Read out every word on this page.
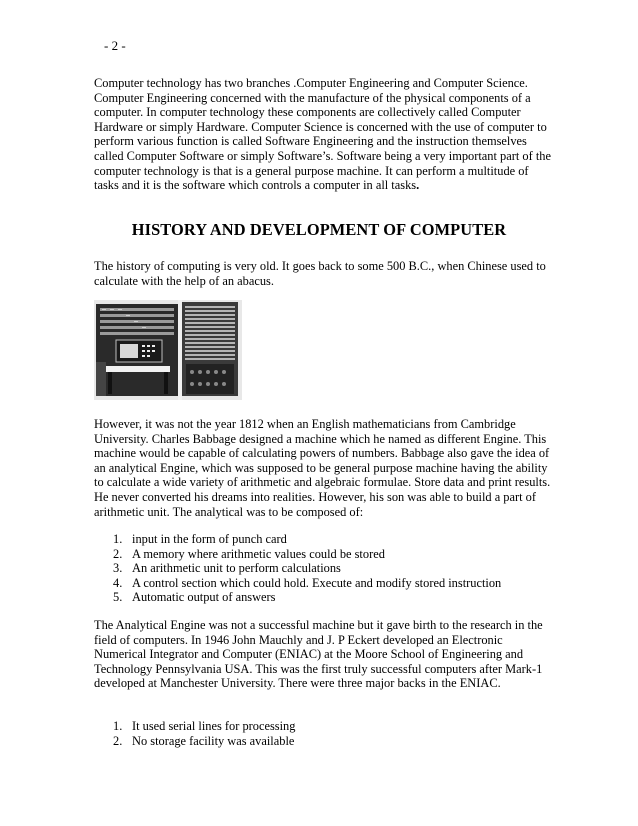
- 2 -

Computer technology has two branches .Computer Engineering and Computer Science. Computer Engineering concerned with the manufacture of the physical components of a computer. In computer technology these components are collectively called Computer Hardware or simply Hardware. Computer Science is concerned with the use of computer to perform various function is called Software Engineering and the instruction themselves called Computer Software or simply Software’s. Software being a very important part of the computer technology is that is a general purpose machine. It can perform a multitude of tasks and it is the software which controls a computer in all tasks.

HISTORY AND DEVELOPMENT OF COMPUTER

The history of computing is very old. It goes back to some 500 B.C., when Chinese used to calculate with the help of an abacus.

However, it was not the year 1812 when an English mathematicians from Cambridge University. Charles Babbage designed a machine which he named as different Engine. This machine would be capable of calculating powers of numbers. Babbage also gave the idea of an analytical Engine, which was supposed to be general purpose machine having the ability to calculate a wide variety of arithmetic and algebraic formulae. Store data and print results. He never converted his dreams into realities. However, his son was able to build a part of arithmetic unit. The analytical was to be composed of:

1. input in the form of punch card
2. A memory where arithmetic values could be stored
3. An arithmetic unit to perform calculations
4. A control section which could hold. Execute and modify stored instruction
5. Automatic output of answers

The Analytical Engine was not a successful machine but it gave birth to the research in the field of computers. In 1946 John Mauchly and J. P Eckert developed an Electronic Numerical Integrator and Computer (ENIAC) at the Moore School of Engineering and Technology Pennsylvania USA. This was the first truly successful computers after Mark-1 developed at Manchester University. There were three major backs in the ENIAC.

1. It used serial lines for processing
2. No storage facility was available
